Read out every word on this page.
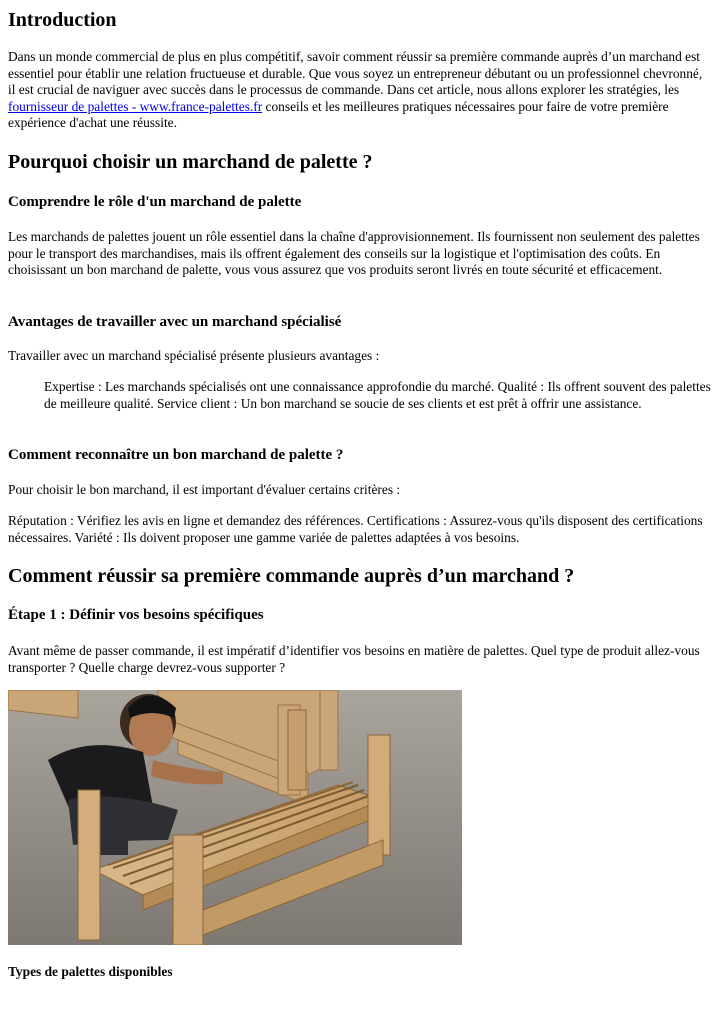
Introduction

Dans un monde commercial de plus en plus compétitif, savoir comment réussir sa première commande auprès d’un marchand est essentiel pour établir une relation fructueuse et durable. Que vous soyez un entrepreneur débutant ou un professionnel chevronné, il est crucial de naviguer avec succès dans le processus de commande. Dans cet article, nous allons explorer les stratégies, les fournisseur de palettes - www.france-palettes.fr conseils et les meilleures pratiques nécessaires pour faire de votre première expérience d'achat une réussite.

Pourquoi choisir un marchand de palette ?
Comprendre le rôle d'un marchand de palette

Les marchands de palettes jouent un rôle essentiel dans la chaîne d'approvisionnement. Ils fournissent non seulement des palettes pour le transport des marchandises, mais ils offrent également des conseils sur la logistique et l'optimisation des coûts. En choisissant un bon marchand de palette, vous vous assurez que vos produits seront livrés en toute sécurité et efficacement.

Avantages de travailler avec un marchand spécialisé

Travailler avec un marchand spécialisé présente plusieurs avantages :

Expertise : Les marchands spécialisés ont une connaissance approfondie du marché. Qualité : Ils offrent souvent des palettes de meilleure qualité. Service client : Un bon marchand se soucie de ses clients et est prêt à offrir une assistance.

Comment reconnaître un bon marchand de palette ?

Pour choisir le bon marchand, il est important d'évaluer certains critères :

Réputation : Vérifiez les avis en ligne et demandez des références. Certifications : Assurez-vous qu'ils disposent des certifications nécessaires. Variété : Ils doivent proposer une gamme variée de palettes adaptées à vos besoins.

Comment réussir sa première commande auprès d’un marchand ?
Étape 1 : Définir vos besoins spécifiques

Avant même de passer commande, il est impératif d’identifier vos besoins en matière de palettes. Quel type de produit allez-vous transporter ? Quelle charge devrez-vous supporter ?

Types de palettes disponibles
